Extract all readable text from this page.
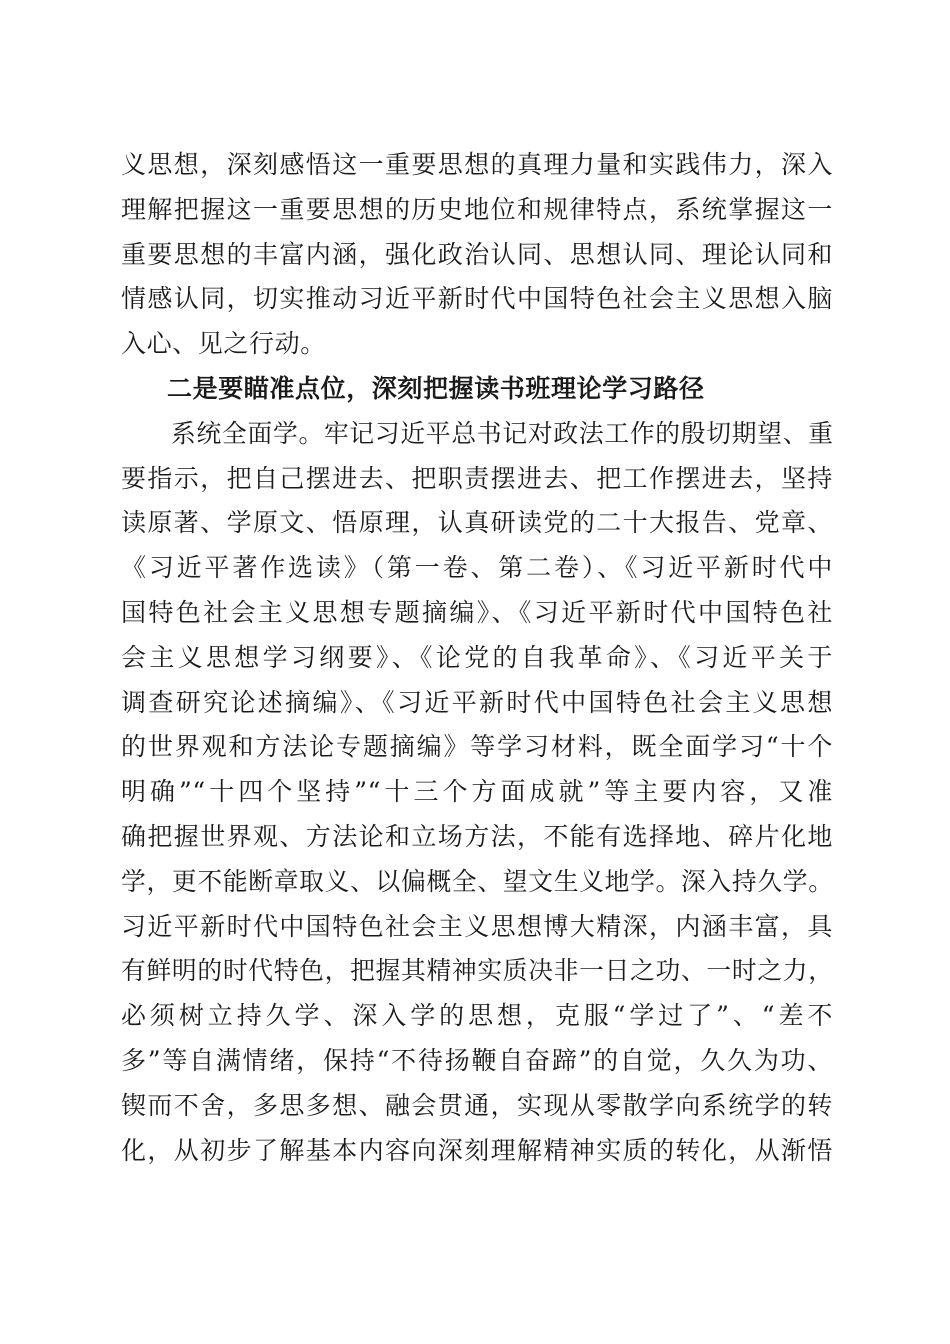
义思想，深刻感悟这一重要思想的真理力量和实践伟力，深入
理解把握这一重要思想的历史地位和规律特点，系统掌握这一
重要思想的丰富内涵，强化政治认同、思想认同、理论认同和
情感认同，切实推动习近平新时代中国特色社会主义思想入脑
入心、见之行动。
二是要瞄准点位，深刻把握读书班理论学习路径
系统全面学。牢记习近平总书记对政法工作的殷切期望、重
要指示，把自己摆进去、把职责摆进去、把工作摆进去，坚持
读原著、学原文、悟原理，认真研读党的二十大报告、党章、
《习近平著作选读》（第一卷、第二卷）、《习近平新时代中
国特色社会主义思想专题摘编》、《习近平新时代中国特色社
会主义思想学习纲要》、《论党的自我革命》、《习近平关于
调查研究论述摘编》、《习近平新时代中国特色社会主义思想
的世界观和方法论专题摘编》等学习材料，既全面学习“十个
明确”“十四个坚持”“十三个方面成就”等主要内容，又准
确把握世界观、方法论和立场方法，不能有选择地、碎片化地
学，更不能断章取义、以偏概全、望文生义地学。深入持久学。
习近平新时代中国特色社会主义思想博大精深，内涵丰富，具
有鲜明的时代特色，把握其精神实质决非一日之功、一时之力，
必须树立持久学、深入学的思想，克服“学过了”、“差不
多”等自满情绪，保持“不待扬鞭自奋蹄”的自觉，久久为功、
锲而不舍，多思多想、融会贯通，实现从零散学向系统学的转
化，从初步了解基本内容向深刻理解精神实质的转化，从渐悟
